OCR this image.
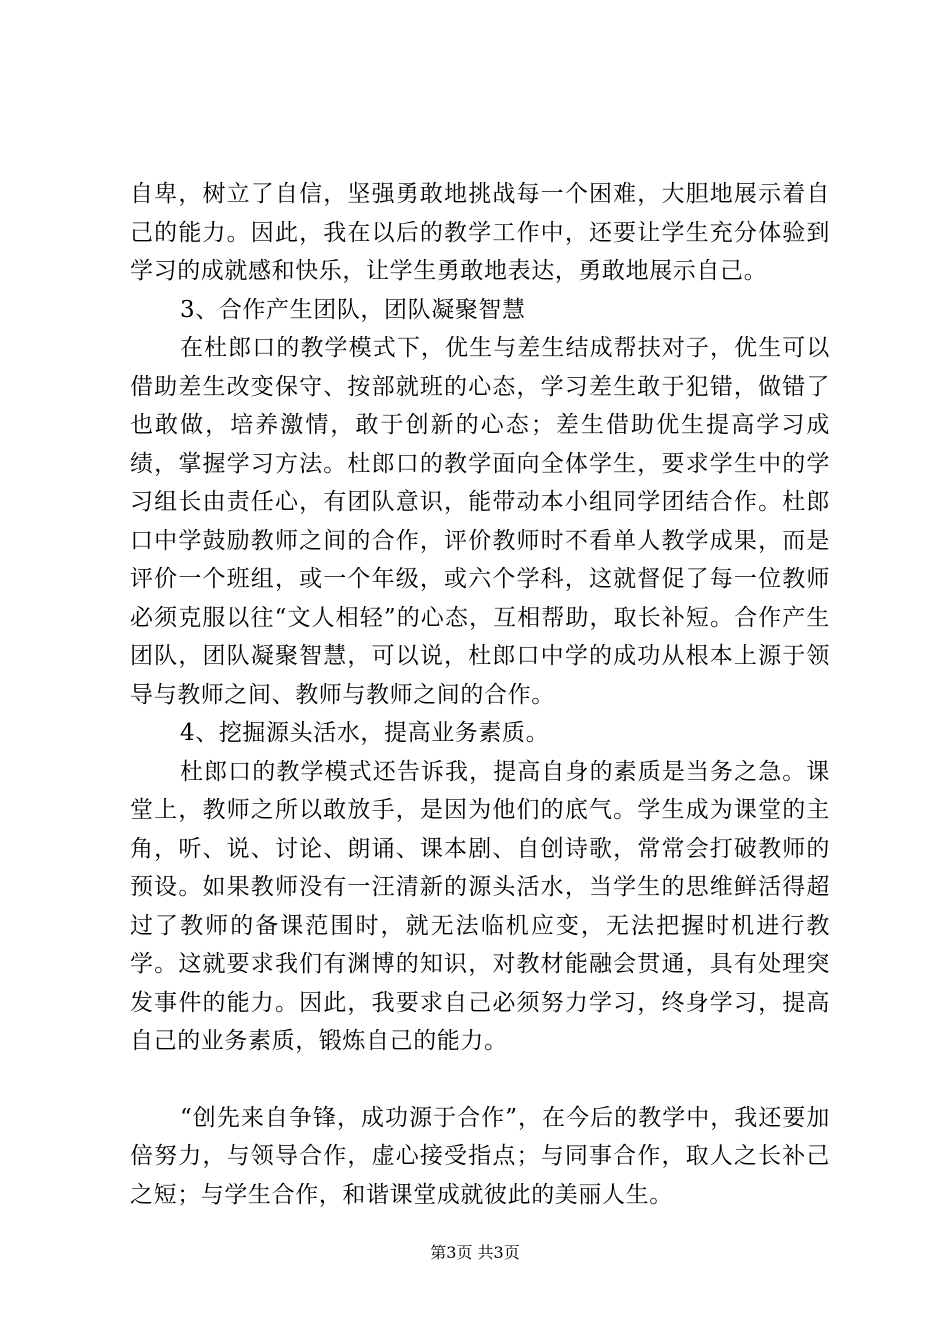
自卑，树立了自信，坚强勇敢地挑战每一个困难，大胆地展示着自己的能力。因此，我在以后的教学工作中，还要让学生充分体验到学习的成就感和快乐，让学生勇敢地表达，勇敢地展示自己。

3、合作产生团队，团队凝聚智慧

在杜郎口的教学模式下，优生与差生结成帮扶对子，优生可以借助差生改变保守、按部就班的心态，学习差生敢于犯错，做错了也敢做，培养激情，敢于创新的心态；差生借助优生提高学习成绩，掌握学习方法。杜郎口的教学面向全体学生，要求学生中的学习组长由责任心，有团队意识，能带动本小组同学团结合作。杜郎口中学鼓励教师之间的合作，评价教师时不看单人教学成果，而是评价一个班组，或一个年级，或六个学科，这就督促了每一位教师必须克服以往“文人相轻”的心态，互相帮助，取长补短。合作产生团队，团队凝聚智慧，可以说，杜郎口中学的成功从根本上源于领导与教师之间、教师与教师之间的合作。

4、挖掘源头活水，提高业务素质。

杜郎口的教学模式还告诉我，提高自身的素质是当务之急。课堂上，教师之所以敢放手，是因为他们的底气。学生成为课堂的主角，听、说、讨论、朗诵、课本剧、自创诗歌，常常会打破教师的预设。如果教师没有一汪清新的源头活水，当学生的思维鲜活得超过了教师的备课范围时，就无法临机应变，无法把握时机进行教学。这就要求我们有渊博的知识，对教材能融会贯通，具有处理突发事件的能力。因此，我要求自己必须努力学习，终身学习，提高自己的业务素质，锻炼自己的能力。

“创先来自争锋，成功源于合作”，在今后的教学中，我还要加倍努力，与领导合作，虚心接受指点；与同事合作，取人之长补己之短；与学生合作，和谐课堂成就彼此的美丽人生。

第3页 共3页
